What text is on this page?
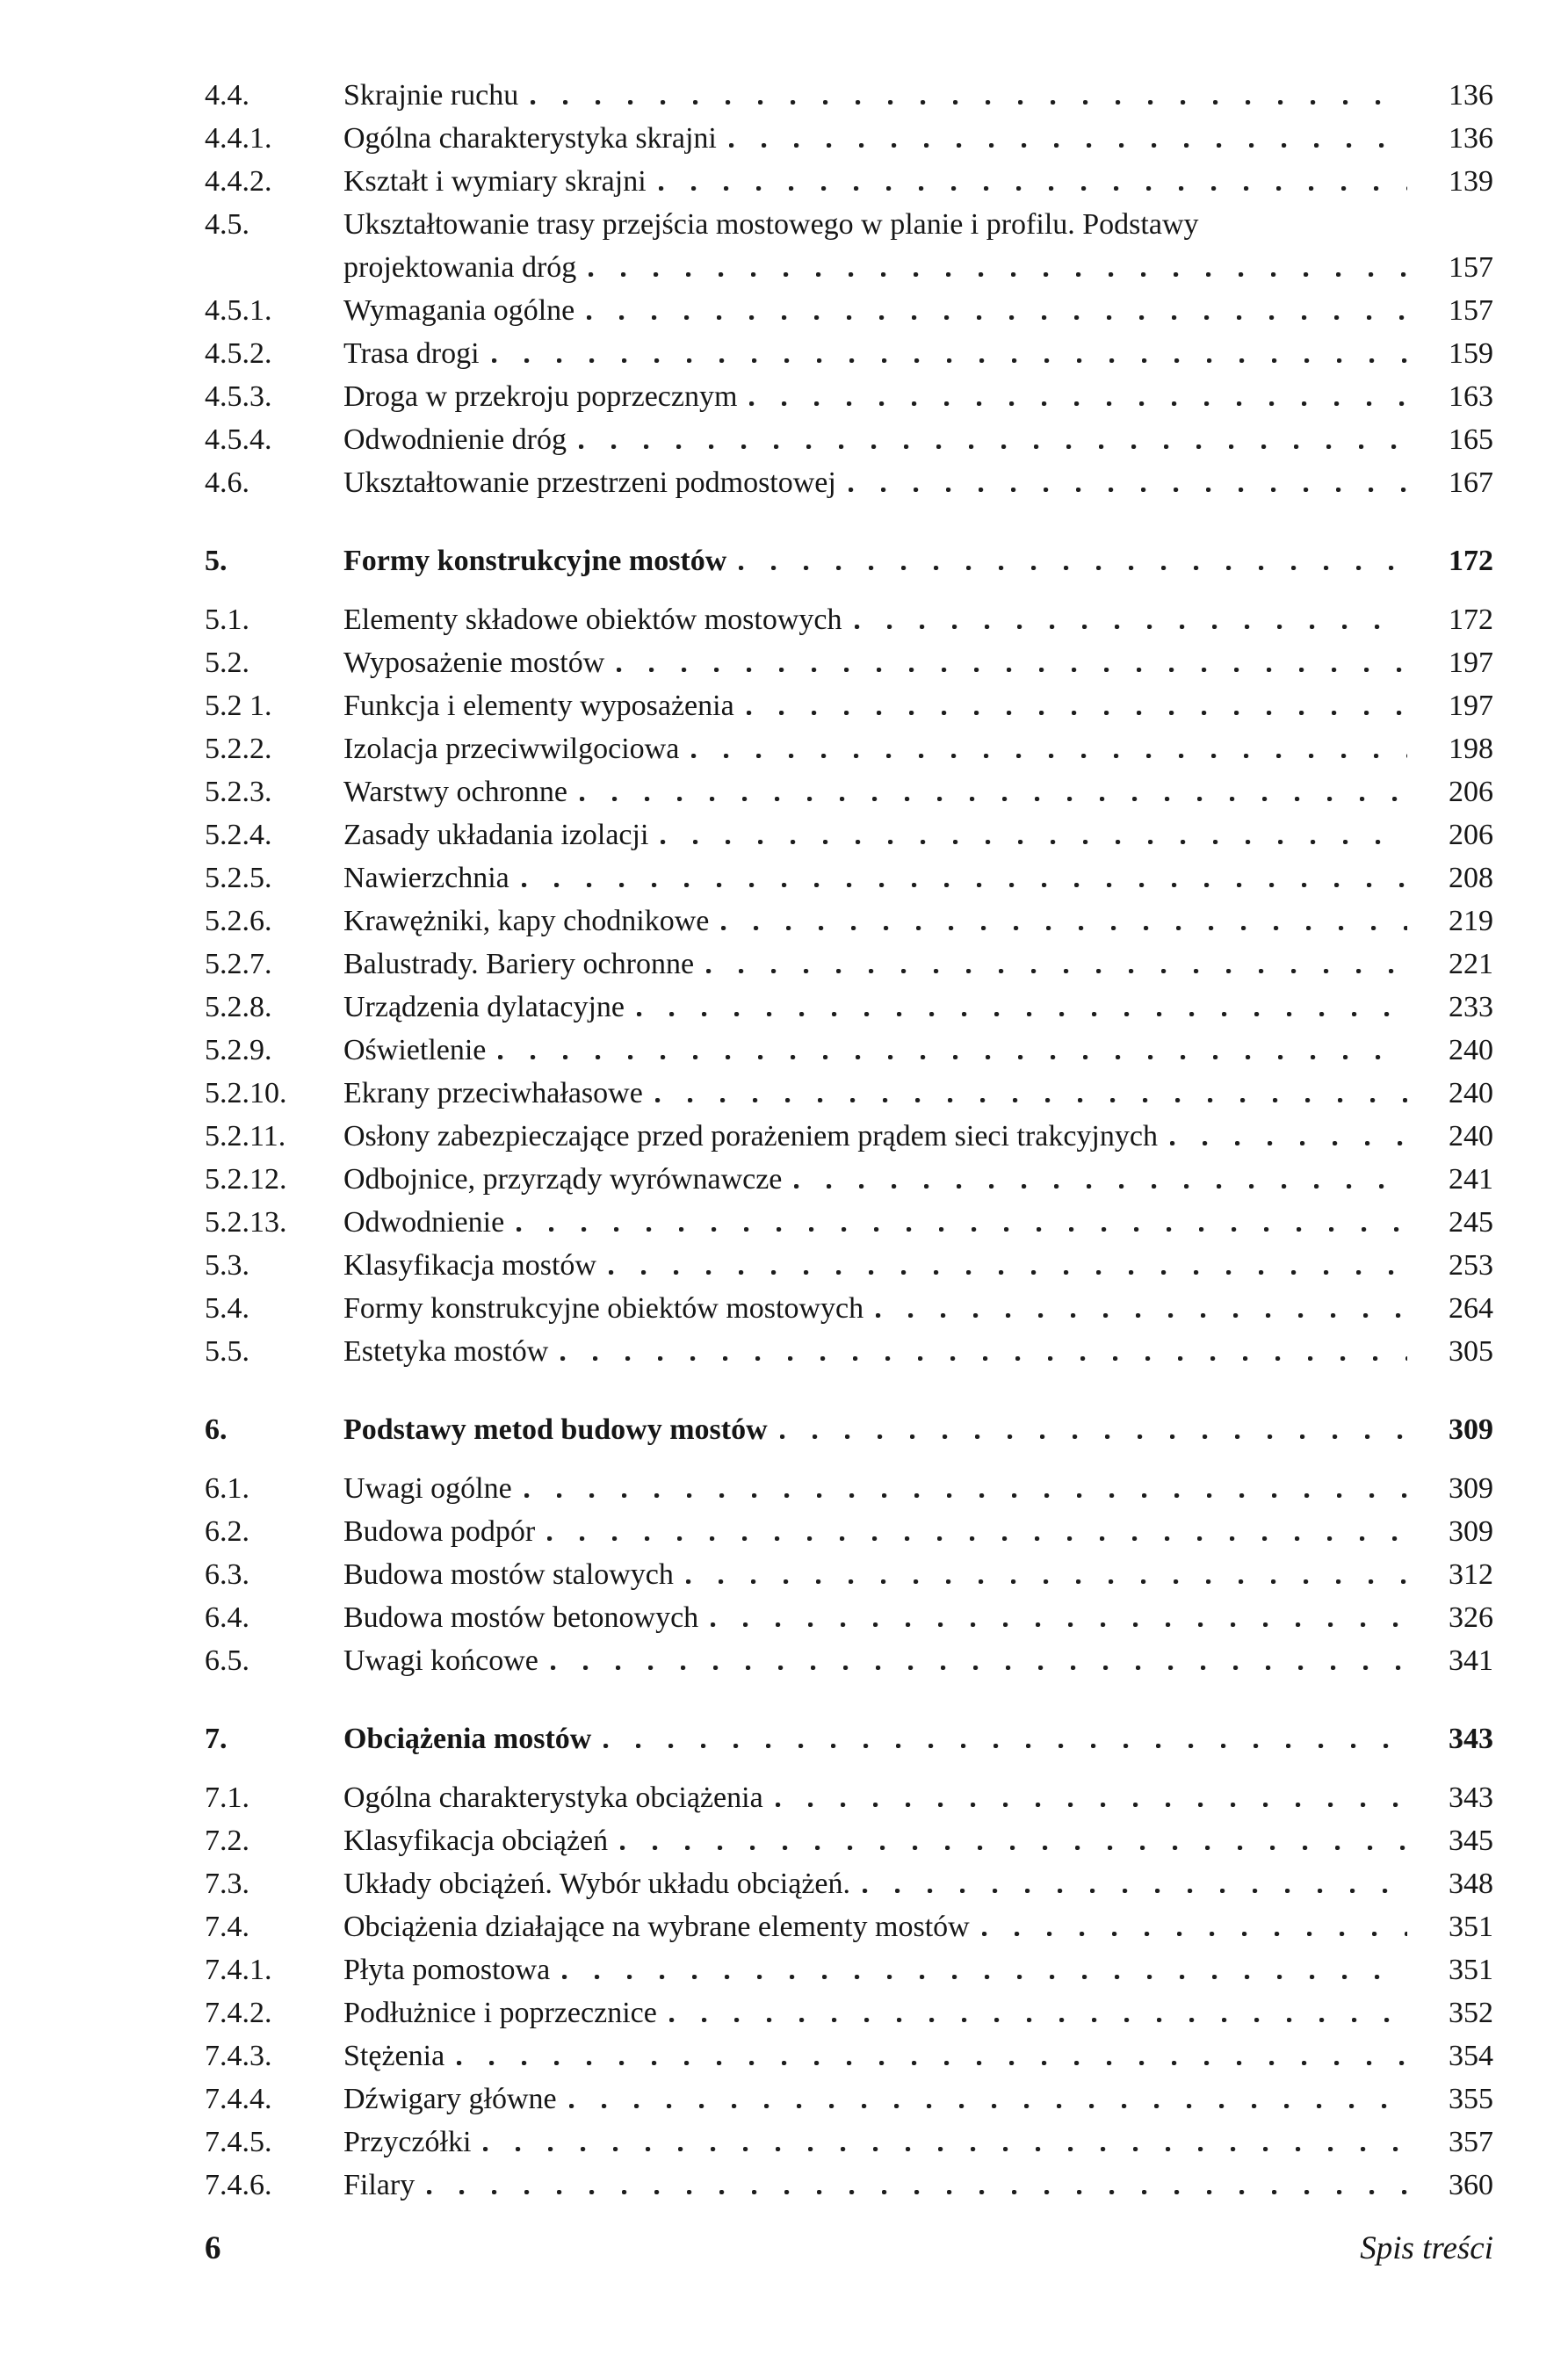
4.4.	Skrajnie ruchu	136
4.4.1.	Ogólna charakterystyka skrajni	136
4.4.2.	Kształt i wymiary skrajni	139
4.5.	Ukształtowanie trasy przejścia mostowego w planie i profilu. Podstawy
projektowania dróg	157
4.5.1.	Wymagania ogólne	157
4.5.2.	Trasa drogi	159
4.5.3.	Droga w przekroju poprzecznym	163
4.5.4.	Odwodnienie dróg	165
4.6.	Ukształtowanie przestrzeni podmostowej	167
5.	Formy konstrukcyjne mostów	172
5.1.	Elementy składowe obiektów mostowych	172
5.2.	Wyposażenie mostów	197
5.2 1.	Funkcja i elementy wyposażenia	197
5.2.2.	Izolacja przeciwwilgociowa	198
5.2.3.	Warstwy ochronne	206
5.2.4.	Zasady układania izolacji	206
5.2.5.	Nawierzchnia	208
5.2.6.	Krawężniki, kapy chodnikowe	219
5.2.7.	Balustrady. Bariery ochronne	221
5.2.8.	Urządzenia dylatacyjne	233
5.2.9.	Oświetlenie	240
5.2.10.	Ekrany przeciwhałasowe	240
5.2.11.	Osłony zabezpieczające przed porażeniem prądem sieci trakcyjnych	240
5.2.12.	Odbojnice, przyrządy wyrównawcze	241
5.2.13.	Odwodnienie	245
5.3.	Klasyfikacja mostów	253
5.4.	Formy konstrukcyjne obiektów mostowych	264
5.5.	Estetyka mostów	305
6.	Podstawy metod budowy mostów	309
6.1.	Uwagi ogólne	309
6.2.	Budowa podpór	309
6.3.	Budowa mostów stalowych	312
6.4.	Budowa mostów betonowych	326
6.5.	Uwagi końcowe	341
7.	Obciążenia mostów	343
7.1.	Ogólna charakterystyka obciążenia	343
7.2.	Klasyfikacja obciążeń	345
7.3.	Układy obciążeń. Wybór układu obciążeń.	348
7.4.	Obciążenia działające na wybrane elementy mostów	351
7.4.1.	Płyta pomostowa	351
7.4.2.	Podłużnice i poprzecznice	352
7.4.3.	Stężenia	354
7.4.4.	Dźwigary główne	355
7.4.5.	Przyczółki	357
7.4.6.	Filary	360
6	Spis treści
